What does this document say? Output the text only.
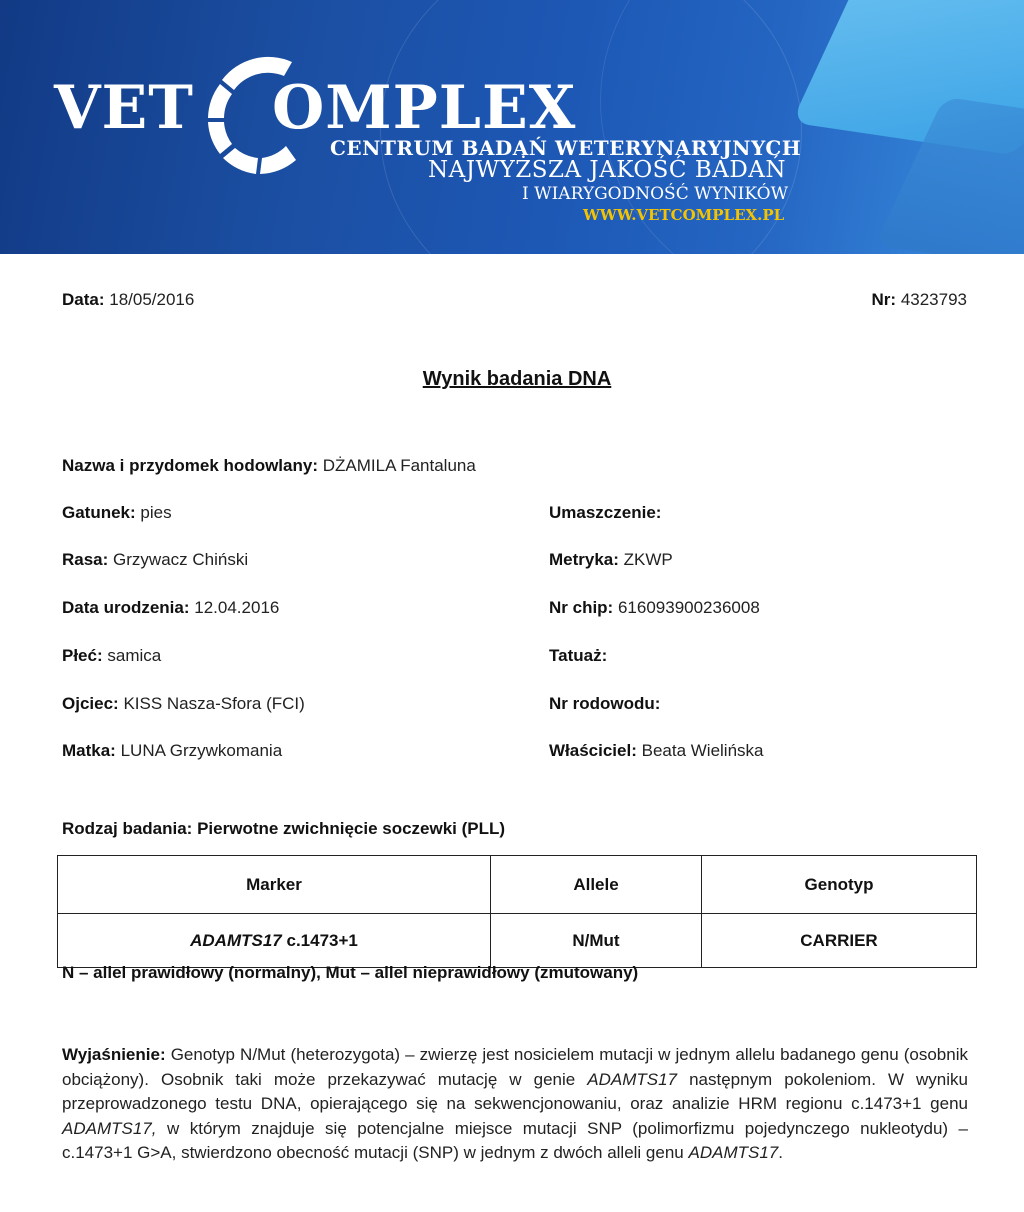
VET OMPLEX
CENTRUM BADAŃ WETERYNARYJNYCH
NAJWYŻSZA JAKOŚĆ BADAŃ
I WIARYGODNOŚĆ WYNIKÓW
WWW.VETCOMPLEX.PL
Data: 18/05/2016	Nr: 4323793
Wynik badania DNA
Nazwa i przydomek hodowlany: DŻAMILA Fantaluna
Gatunek: pies	Umaszczenie:
Rasa: Grzywacz Chiński	Metryka: ZKWP
Data urodzenia: 12.04.2016	Nr chip: 616093900236008
Płeć: samica	Tatuaż:
Ojciec: KISS Nasza-Sfora (FCI)	Nr rodowodu:
Matka: LUNA Grzywkomania	Właściciel: Beata Wielińska
Rodzaj badania: Pierwotne zwichnięcie soczewki (PLL)
Marker	Allele	Genotyp
ADAMTS17 c.1473+1	N/Mut	CARRIER
N – allel prawidłowy (normalny), Mut – allel nieprawidłowy (zmutowany)
Wyjaśnienie: Genotyp N/Mut (heterozygota) – zwierzę jest nosicielem mutacji w jednym allelu badanego genu (osobnik obciążony). Osobnik taki może przekazywać mutację w genie ADAMTS17 następnym pokoleniom. W wyniku przeprowadzonego testu DNA, opierającego się na sekwencjonowaniu, oraz analizie HRM regionu c.1473+1 genu ADAMTS17, w którym znajduje się potencjalne miejsce mutacji SNP (polimorfizmu pojedynczego nukleotydu) – c.1473+1 G>A, stwierdzono obecność mutacji (SNP) w jednym z dwóch alleli genu ADAMTS17.
